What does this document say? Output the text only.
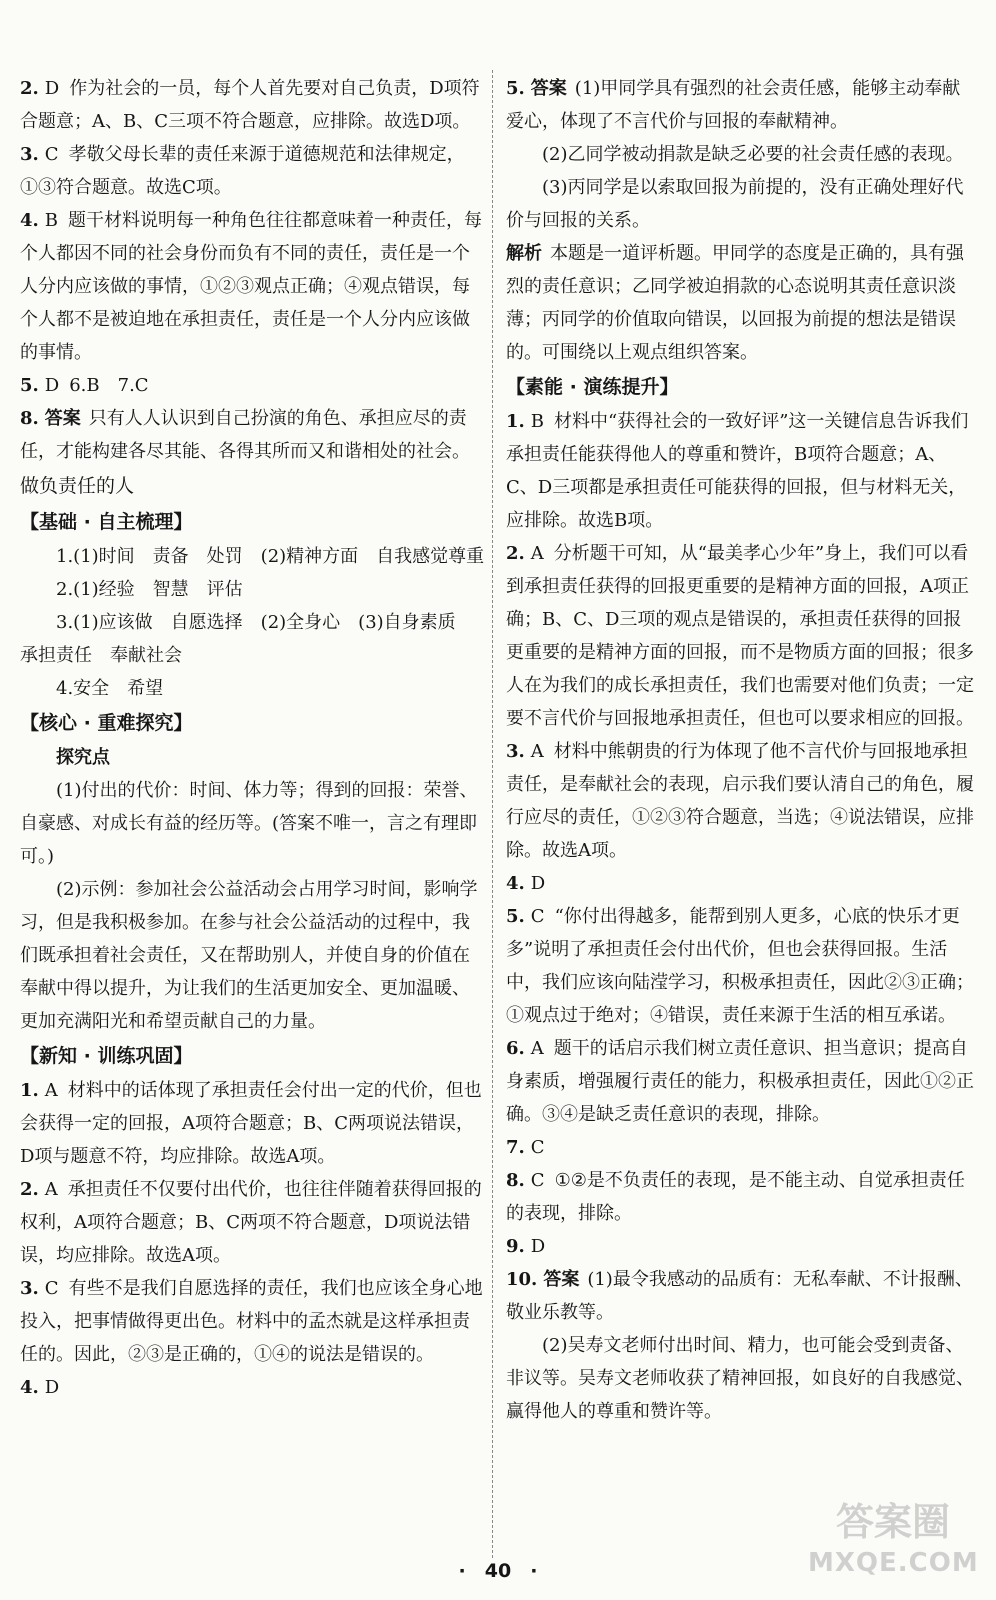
2. D 作为社会的一员，每个人首先要对自己负责，D项符合题意；A、B、C三项不符合题意，应排除。故选D项。

3. C 孝敬父母长辈的责任来源于道德规范和法律规定，①③符合题意。故选C项。

4. B 题干材料说明每一种角色往往都意味着一种责任，每个人都因不同的社会身份而负有不同的责任，责任是一个人分内应该做的事情，①②③观点正确；④观点错误，每个人都不是被迫地在承担责任，责任是一个人分内应该做的事情。

5. D 6.B　7.C

8. 答案 只有人人认识到自己扮演的角色、承担应尽的责任，才能构建各尽其能、各得其所而又和谐相处的社会。

做负责任的人

【基础 · 自主梳理】

1.(1)时间　责备　处罚　(2)精神方面　自我感觉尊重

2.(1)经验　智慧　评估

3.(1)应该做　自愿选择　(2)全身心　(3)自身素质　承担责任　奉献社会

4.安全　希望

【核心 · 重难探究】

探究点

(1)付出的代价：时间、体力等；得到的回报：荣誉、自豪感、对成长有益的经历等。(答案不唯一，言之有理即可。)

(2)示例：参加社会公益活动会占用学习时间，影响学习，但是我积极参加。在参与社会公益活动的过程中，我们既承担着社会责任，又在帮助别人，并使自身的价值在奉献中得以提升，为让我们的生活更加安全、更加温暖、更加充满阳光和希望贡献自己的力量。

【新知 · 训练巩固】

1. A 材料中的话体现了承担责任会付出一定的代价，但也会获得一定的回报，A项符合题意；B、C两项说法错误，D项与题意不符，均应排除。故选A项。

2. A 承担责任不仅要付出代价，也往往伴随着获得回报的权利，A项符合题意；B、C两项不符合题意，D项说法错误，均应排除。故选A项。

3. C 有些不是我们自愿选择的责任，我们也应该全身心地投入，把事情做得更出色。材料中的孟杰就是这样承担责任的。因此，②③是正确的，①④的说法是错误的。

4. D

5. 答案 (1)甲同学具有强烈的社会责任感，能够主动奉献爱心，体现了不言代价与回报的奉献精神。

(2)乙同学被动捐款是缺乏必要的社会责任感的表现。

(3)丙同学是以索取回报为前提的，没有正确处理好代价与回报的关系。

解析 本题是一道评析题。甲同学的态度是正确的，具有强烈的责任意识；乙同学被迫捐款的心态说明其责任意识淡薄；丙同学的价值取向错误，以回报为前提的想法是错误的。可围绕以上观点组织答案。

【素能 · 演练提升】

1. B 材料中“获得社会的一致好评”这一关键信息告诉我们承担责任能获得他人的尊重和赞许，B项符合题意；A、C、D三项都是承担责任可能获得的回报，但与材料无关，应排除。故选B项。

2. A 分析题干可知，从“最美孝心少年”身上，我们可以看到承担责任获得的回报更重要的是精神方面的回报，A项正确；B、C、D三项的观点是错误的，承担责任获得的回报更重要的是精神方面的回报，而不是物质方面的回报；很多人在为我们的成长承担责任，我们也需要对他们负责；一定要不言代价与回报地承担责任，但也可以要求相应的回报。

3. A 材料中熊朝贵的行为体现了他不言代价与回报地承担责任，是奉献社会的表现，启示我们要认清自己的角色，履行应尽的责任，①②③符合题意，当选；④说法错误，应排除。故选A项。

4. D

5. C “你付出得越多，能帮到别人更多，心底的快乐才更多”说明了承担责任会付出代价，但也会获得回报。生活中，我们应该向陆滢学习，积极承担责任，因此②③正确；①观点过于绝对；④错误，责任来源于生活的相互承诺。

6. A 题干的话启示我们树立责任意识、担当意识；提高自身素质，增强履行责任的能力，积极承担责任，因此①②正确。③④是缺乏责任意识的表现，排除。

7. C

8. C ①②是不负责任的表现，是不能主动、自觉承担责任的表现，排除。

9. D

10. 答案 (1)最令我感动的品质有：无私奉献、不计报酬、敬业乐教等。

(2)吴寿文老师付出时间、精力，也可能会受到责备、非议等。吴寿文老师收获了精神回报，如良好的自我感觉、赢得他人的尊重和赞许等。

·　40　·
答案圈
MXQE.COM
